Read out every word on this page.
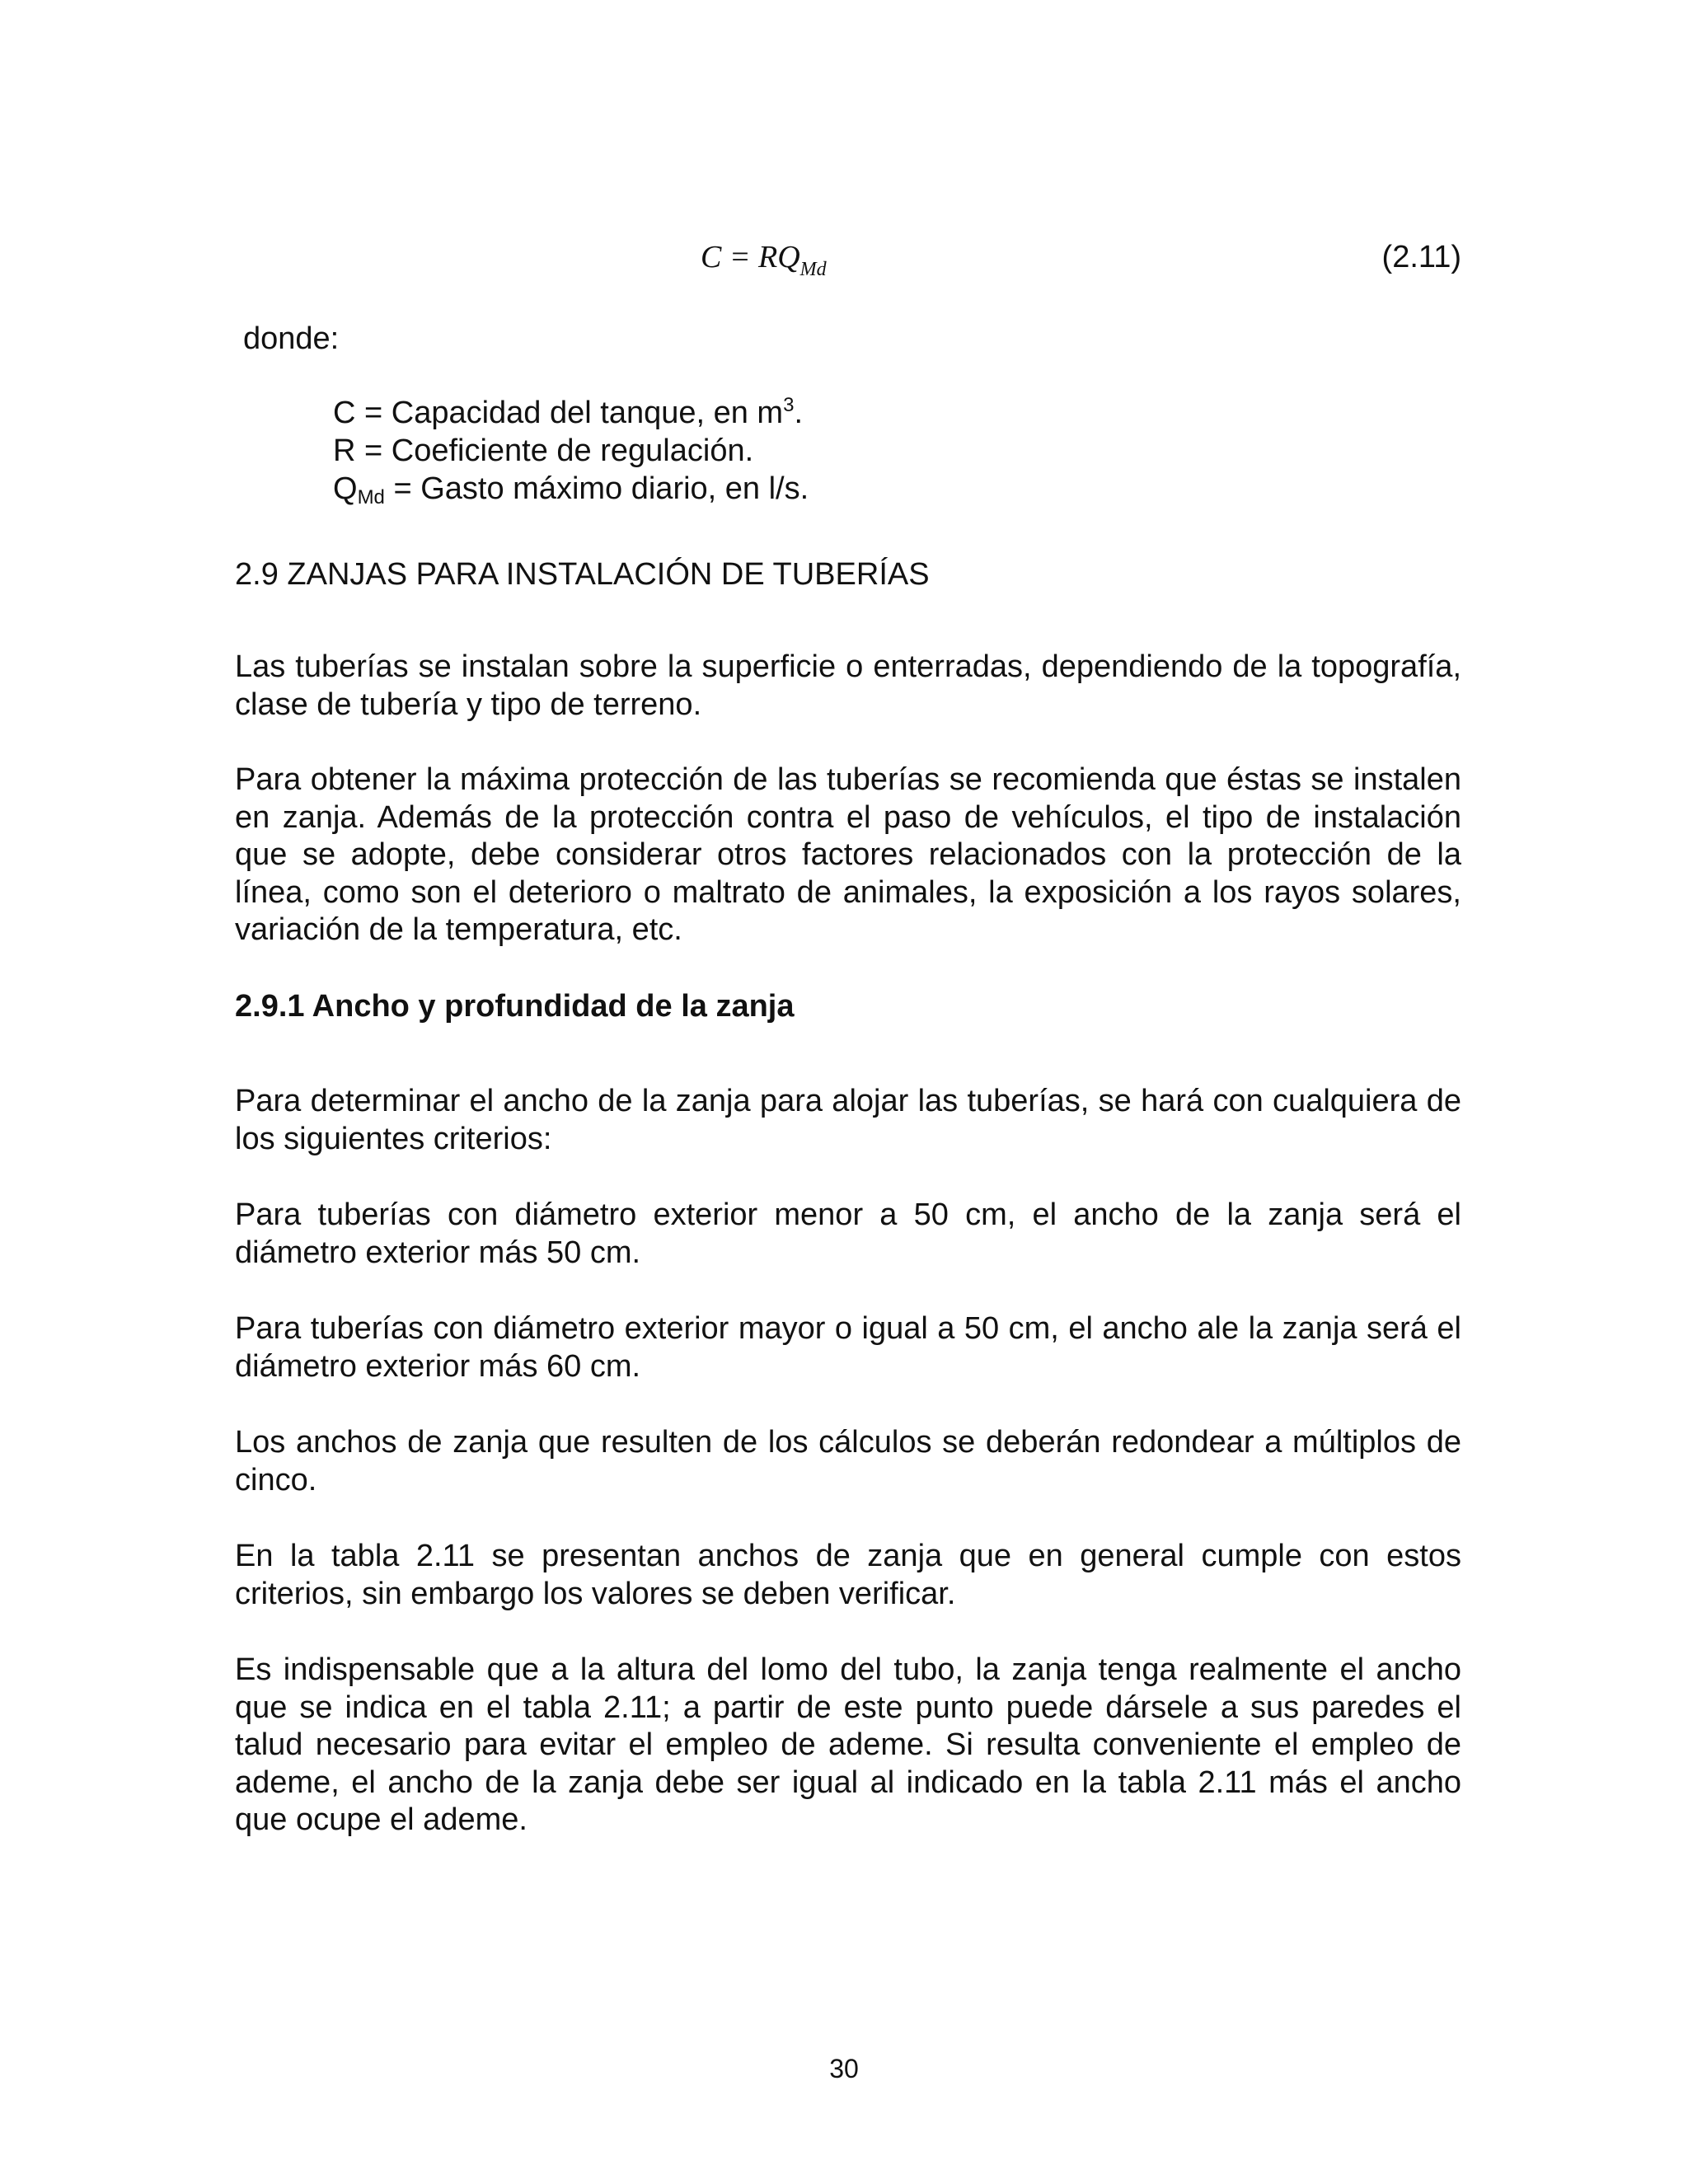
$C = RQ_{Md}$	(2.11)
donde:
C = Capacidad del tanque, en $m^3$.
R = Coeficiente de regulación.
QMd = Gasto máximo diario, en l/s.
2.9 ZANJAS PARA INSTALACIÓN DE TUBERÍAS

Las tuberías se instalan sobre la superficie o enterradas, dependiendo de la topografía, clase de tubería y tipo de terreno.

Para obtener la máxima protección de las tuberías se recomienda que éstas se instalen en zanja. Además de la protección contra el paso de vehículos, el tipo de instalación que se adopte, debe considerar otros factores relacionados con la protección de la línea, como son el deterioro o maltrato de animales, la exposición a los rayos solares, variación de la temperatura, etc.

2.9.1 Ancho y profundidad de la zanja

Para determinar el ancho de la zanja para alojar las tuberías, se hará con cualquiera de los siguientes criterios:

Para tuberías con diámetro exterior menor a 50 cm, el ancho de la zanja será el diámetro exterior más 50 cm.

Para tuberías con diámetro exterior mayor o igual a 50 cm, el ancho ale la zanja será el diámetro exterior más 60 cm.

Los anchos de zanja que resulten de los cálculos se deberán redondear a múltiplos de cinco.

En la tabla 2.11 se presentan anchos de zanja que en general cumple con estos criterios, sin embargo los valores se deben verificar.

Es indispensable que a la altura del lomo del tubo, la zanja tenga realmente el ancho que se indica en el tabla 2.11; a partir de este punto puede dársele a sus paredes el talud necesario para evitar el empleo de ademe. Si resulta conveniente el empleo de ademe, el ancho de la zanja debe ser igual al indicado en la tabla 2.11 más el ancho que ocupe el ademe.

30
